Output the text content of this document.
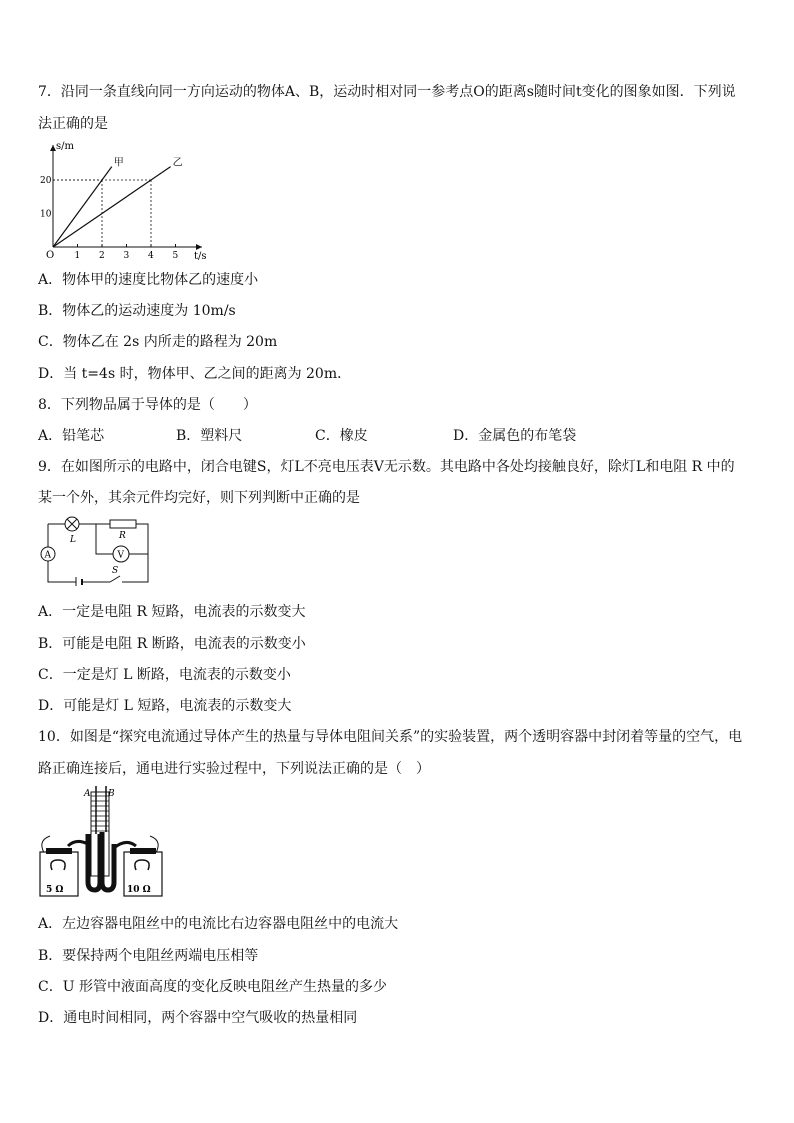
7．沿同一条直线向同一方向运动的物体A、B，运动时相对同一参考点O的距离s随时间t变化的图象如图．下列说
法正确的是
甲	乙
1 2 3 4 5
10
20
s/m
t/s
O
A．物体甲的速度比物体乙的速度小
B．物体乙的运动速度为 10m/s
C．物体乙在 2s 内所走的路程为 20m
D．当 t=4s 时，物体甲、乙之间的距离为 20m．
8．下列物品属于导体的是（　　）
A．铅笔芯	B．塑料尺	C．橡皮	D．金属色的布笔袋
9．在如图所示的电路中，闭合电键S，灯L不亮电压表V无示数。其电路中各处均接触良好，除灯L和电阻 R 中的
某一个外，其余元件均完好，则下列判断中正确的是
A	V
L	R
S
A．一定是电阻 R 短路，电流表的示数变大
B．可能是电阻 R 断路，电流表的示数变小
C．一定是灯 L 断路，电流表的示数变小
D．可能是灯 L 短路，电流表的示数变大
10．如图是“探究电流通过导体产生的热量与导体电阻间关系”的实验装置，两个透明容器中封闭着等量的空气，电
路正确连接后，通电进行实验过程中，下列说法正确的是（　）
A B
5 Ω	10 Ω
A．左边容器电阻丝中的电流比右边容器电阻丝中的电流大
B．要保持两个电阻丝两端电压相等
C．U 形管中液面高度的变化反映电阻丝产生热量的多少
D．通电时间相同，两个容器中空气吸收的热量相同
